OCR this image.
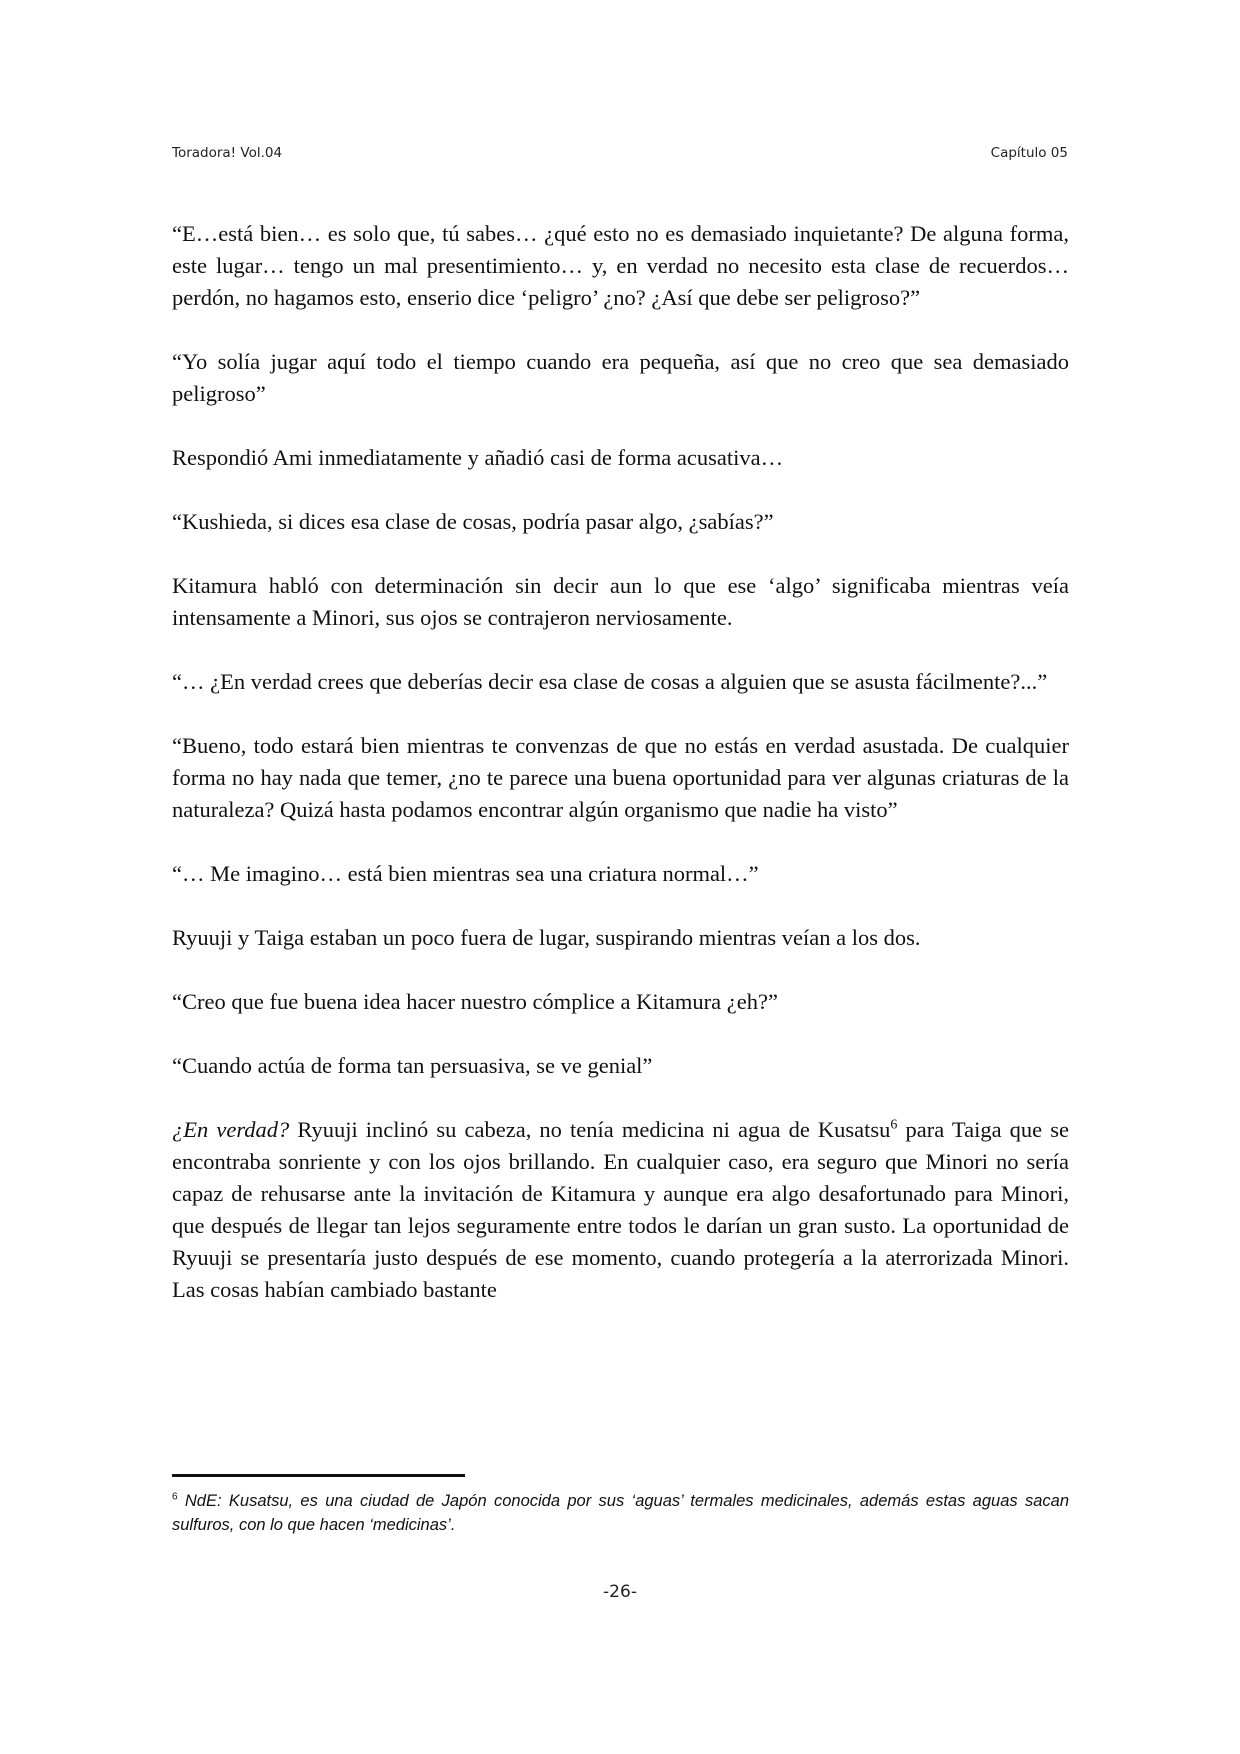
Toradora! Vol.04	Capítulo 05

“E…está bien… es solo que, tú sabes… ¿qué esto no es demasiado inquietante? De alguna forma, este lugar… tengo un mal presentimiento… y, en verdad no necesito esta clase de recuerdos… perdón, no hagamos esto, enserio dice ‘peligro’ ¿no? ¿Así que debe ser peligroso?”

“Yo solía jugar aquí todo el tiempo cuando era pequeña, así que no creo que sea demasiado peligroso”

Respondió Ami inmediatamente y añadió casi de forma acusativa…

“Kushieda, si dices esa clase de cosas, podría pasar algo, ¿sabías?”

Kitamura habló con determinación sin decir aun lo que ese ‘algo’ significaba mientras veía intensamente a Minori, sus ojos se contrajeron nerviosamente.

“… ¿En verdad crees que deberías decir esa clase de cosas a alguien que se asusta fácilmente?...”

“Bueno, todo estará bien mientras te convenzas de que no estás en verdad asustada. De cualquier forma no hay nada que temer, ¿no te parece una buena oportunidad para ver algunas criaturas de la naturaleza? Quizá hasta podamos encontrar algún organismo que nadie ha visto”

“… Me imagino… está bien mientras sea una criatura normal…”

Ryuuji y Taiga estaban un poco fuera de lugar, suspirando mientras veían a los dos.

“Creo que fue buena idea hacer nuestro cómplice a Kitamura ¿eh?”

“Cuando actúa de forma tan persuasiva, se ve genial”

¿En verdad? Ryuuji inclinó su cabeza, no tenía medicina ni agua de Kusatsu$^6$ para Taiga que se encontraba sonriente y con los ojos brillando. En cualquier caso, era seguro que Minori no sería capaz de rehusarse ante la invitación de Kitamura y aunque era algo desafortunado para Minori, que después de llegar tan lejos seguramente entre todos le darían un gran susto. La oportunidad de Ryuuji se presentaría justo después de ese momento, cuando protegería a la aterrorizada Minori. Las cosas habían cambiado bastante

$^6$ NdE: Kusatsu, es una ciudad de Japón conocida por sus ‘aguas’ termales medicinales, además estas aguas sacan sulfuros, con lo que hacen ‘medicinas’.
-26-
